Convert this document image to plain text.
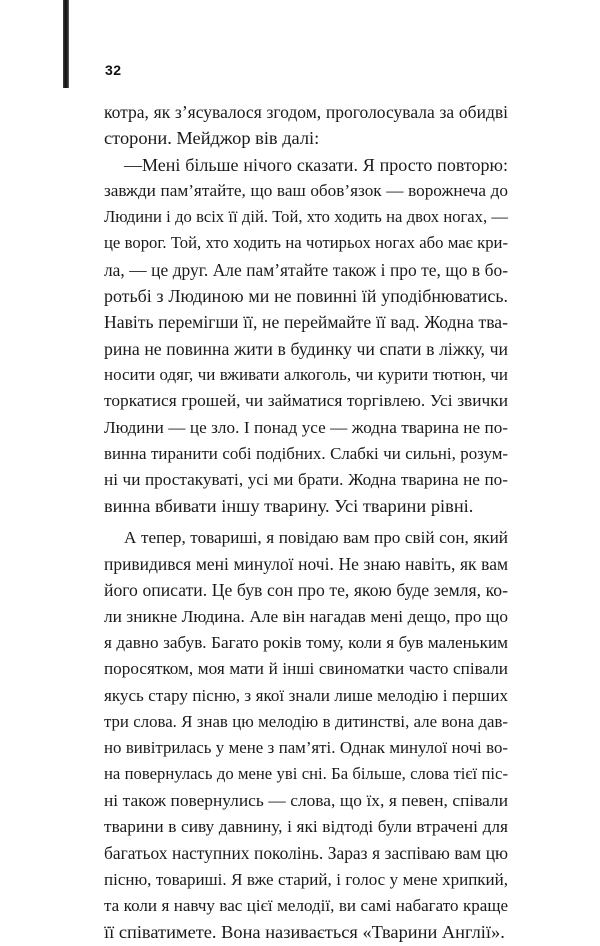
32
котра, як з’ясувалося згодом, проголосувала за обидві
сторони. Мейджор вів далі:
—Мені більше нічого сказати. Я просто повторю:
завжди пам’ятайте, що ваш обов’язок — ворожнеча до
Людини і до всіх її дій. Той, хто ходить на двох ногах, —
це ворог. Той, хто ходить на чотирьох ногах або має кри-
ла, — це друг. Але пам’ятайте також і про те, що в бо-
ротьбі з Людиною ми не повинні їй уподібнюватись.
Навіть перемігши її, не переймайте її вад. Жодна тва-
рина не повинна жити в будинку чи спати в ліжку, чи
носити одяг, чи вживати алкоголь, чи курити тютюн, чи
торкатися грошей, чи займатися торгівлею. Усі звички
Людини — це зло. І понад усе — жодна тварина не по-
винна тиранити собі подібних. Слабкі чи сильні, розум-
ні чи простакуваті, усі ми брати. Жодна тварина не по-
винна вбивати іншу тварину. Усі тварини рівні.
А тепер, товариші, я повідаю вам про свій сон, який
привидився мені минулої ночі. Не знаю навіть, як вам
його описати. Це був сон про те, якою буде земля, ко-
ли зникне Людина. Але він нагадав мені дещо, про що
я давно забув. Багато років тому, коли я був маленьким
поросятком, моя мати й інші свиноматки часто співали
якусь стару пісню, з якої знали лише мелодію і перших
три слова. Я знав цю мелодію в дитинстві, але вона дав-
но вивітрилась у мене з пам’яті. Однак минулої ночі во-
на повернулась до мене уві сні. Ба більше, слова тієї піс-
ні також повернулись — слова, що їх, я певен, співали
тварини в сиву давнину, і які відтоді були втрачені для
багатьох наступних поколінь. Зараз я заспіваю вам цю
пісню, товариші. Я вже старий, і голос у мене хрипкий,
та коли я навчу вас цієї мелодії, ви самі набагато краще
її співатимете. Вона називається «Тварини Англії».
